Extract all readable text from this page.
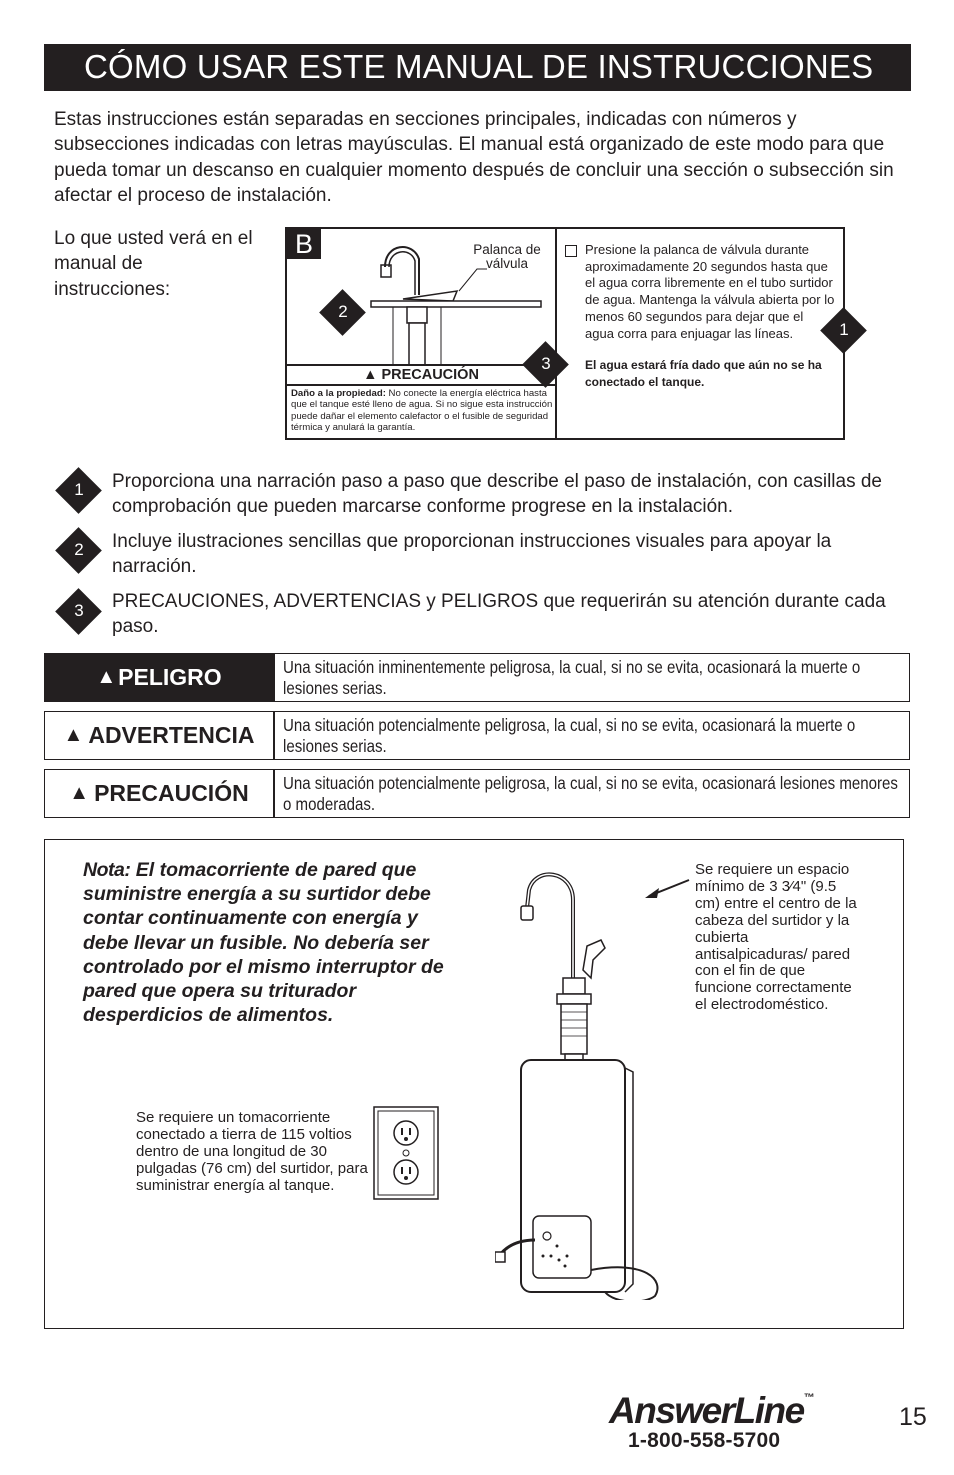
CÓMO USAR ESTE MANUAL DE INSTRUCCIONES
Estas instrucciones están separadas en secciones principales, indicadas con números y subsecciones indicadas con letras mayúsculas. El manual está organizado de este modo para que pueda tomar un descanso en cualquier momento después de concluir una sección o subsección sin afectar el proceso de instalación.
Lo que usted verá en el manual de instrucciones:
B	Palanca de válvula
▲ PRECAUCIÓN
Daño a la propiedad: No conecte la energía eléctrica hasta que el tanque esté lleno de agua. Si no sigue esta instrucción puede dañar el elemento calefactor o el fusible de seguridad térmica y anulará la garantía.
Presione la palanca de válvula durante aproximadamente 20 segundos hasta que el agua corra libremente en el tubo surtidor de agua. Mantenga la válvula abierta por lo menos 60 segundos para dejar que el agua corra para enjuagar las líneas.
El agua estará fría dado que aún no se ha conectado el tanque.
2
3
1
1	Proporciona una narración paso a paso que describe el paso de instalación, con casillas de comprobación que pueden marcarse conforme progrese en la instalación.
2	Incluye ilustraciones sencillas que proporcionan instrucciones visuales para apoyar la narración.
3	PRECAUCIONES, ADVERTENCIAS y PELIGROS que requerirán su atención durante cada paso.
▲ PELIGRO	Una situación inminentemente peligrosa, la cual, si no se evita, ocasionará la muerte o lesiones serias.
▲ ADVERTENCIA Una situación potencialmente peligrosa, la cual, si no se evita, ocasionará la muerte o lesiones serias.
▲ PRECAUCIÓN Una situación potencialmente peligrosa, la cual, si no se evita, ocasionará lesiones menores o moderadas.
Nota: El tomacorriente de pared que suministre energía a su surtidor debe contar continuamente con energía y debe llevar un fusible. No debería ser controlado por el mismo interruptor de pared que opera su triturador desperdicios de alimentos.
Se requiere un tomacorriente conectado a tierra de 115 voltios dentro de una longitud de 30 pulgadas (76 cm) del surtidor, para suministrar energía al tanque.
Se requiere un espacio mínimo de 3 3⁄4" (9.5 cm) entre el centro de la cabeza del surtidor y la cubierta antisalpicaduras/ pared con el fin de que funcione correctamente el electrodoméstico.
AnswerLine™
1-800-558-5700
15
